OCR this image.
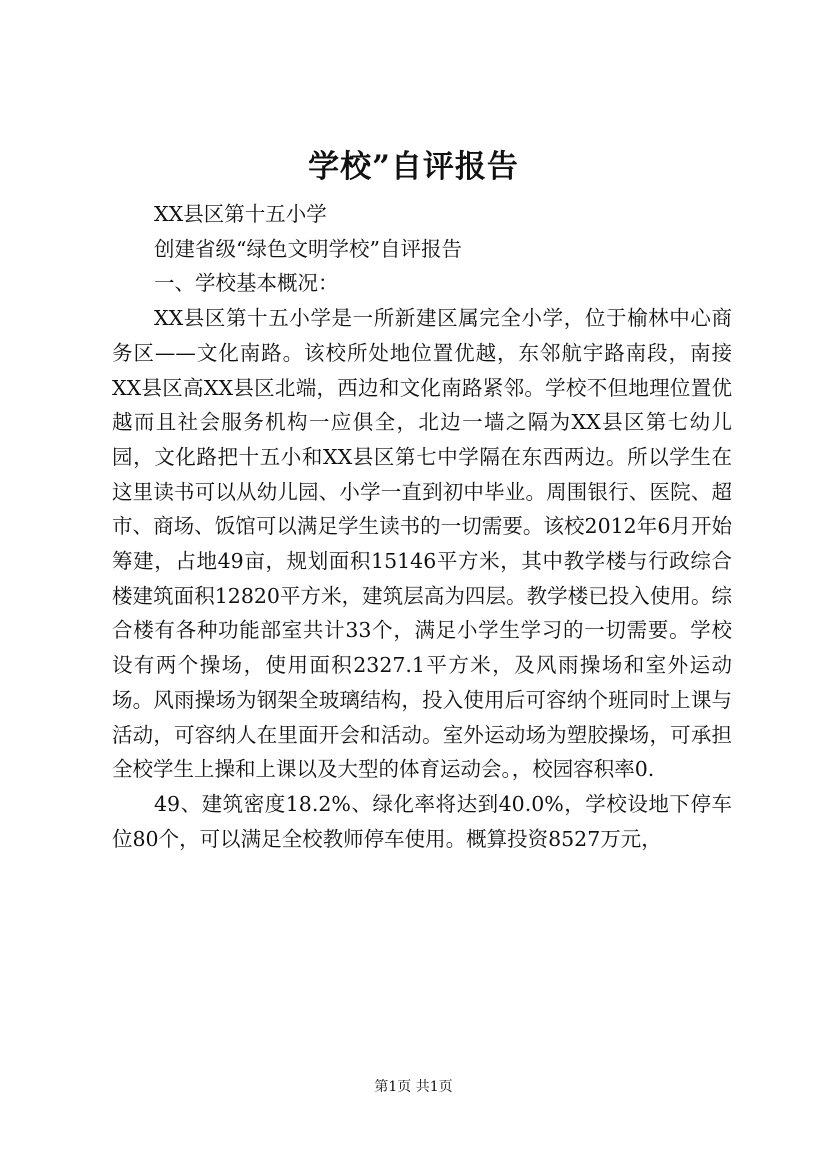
学校”自评报告

XX县区第十五小学

创建省级“绿色文明学校”自评报告

一、学校基本概况：

XX县区第十五小学是一所新建区属完全小学，位于榆林中心商务区——文化南路。该校所处地位置优越，东邻航宇路南段，南接XX县区高XX县区北端，西边和文化南路紧邻。学校不但地理位置优越而且社会服务机构一应俱全，北边一墙之隔为XX县区第七幼儿园，文化路把十五小和XX县区第七中学隔在东西两边。所以学生在这里读书可以从幼儿园、小学一直到初中毕业。周围银行、医院、超市、商场、饭馆可以满足学生读书的一切需要。该校2012年6月开始筹建，占地49亩，规划面积15146平方米，其中教学楼与行政综合楼建筑面积12820平方米，建筑层高为四层。教学楼已投入使用。综合楼有各种功能部室共计33个，满足小学生学习的一切需要。学校设有两个操场，使用面积2327.1平方米，及风雨操场和室外运动场。风雨操场为钢架全玻璃结构，投入使用后可容纳个班同时上课与活动，可容纳人在里面开会和活动。室外运动场为塑胶操场，可承担全校学生上操和上课以及大型的体育运动会。，校园容积率0.

49、建筑密度18.2%、绿化率将达到40.0%，学校设地下停车位80个，可以满足全校教师停车使用。概算投资8527万元，

第1页 共1页
